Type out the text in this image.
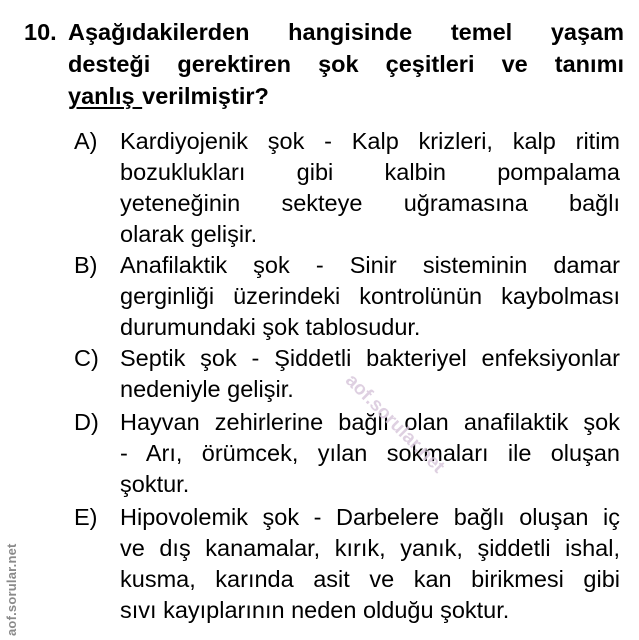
10. Aşağıdakilerden hangisinde temel yaşam
desteği gerektiren şok çeşitleri ve tanımı
yanlış verilmiştir?
A) Kardiyojenik şok - Kalp krizleri, kalp ritim
bozuklukları gibi kalbin pompalama
yeteneğinin sekteye uğramasına bağlı
olarak gelişir.
B) Anafilaktik şok - Sinir sisteminin damar
gerginliği üzerindeki kontrolünün kaybolması
durumundaki şok tablosudur.
C) Septik şok - Şiddetli bakteriyel enfeksiyonlar
nedeniyle gelişir.
D) Hayvan zehirlerine bağlı olan anafilaktik şok
- Arı, örümcek, yılan sokmaları ile oluşan
şoktur.
E) Hipovolemik şok - Darbelere bağlı oluşan iç
ve dış kanamalar, kırık, yanık, şiddetli ishal,
kusma, karında asit ve kan birikmesi gibi
sıvı kayıplarının neden olduğu şoktur.
aof.sorular.net
aof.sorular.net
